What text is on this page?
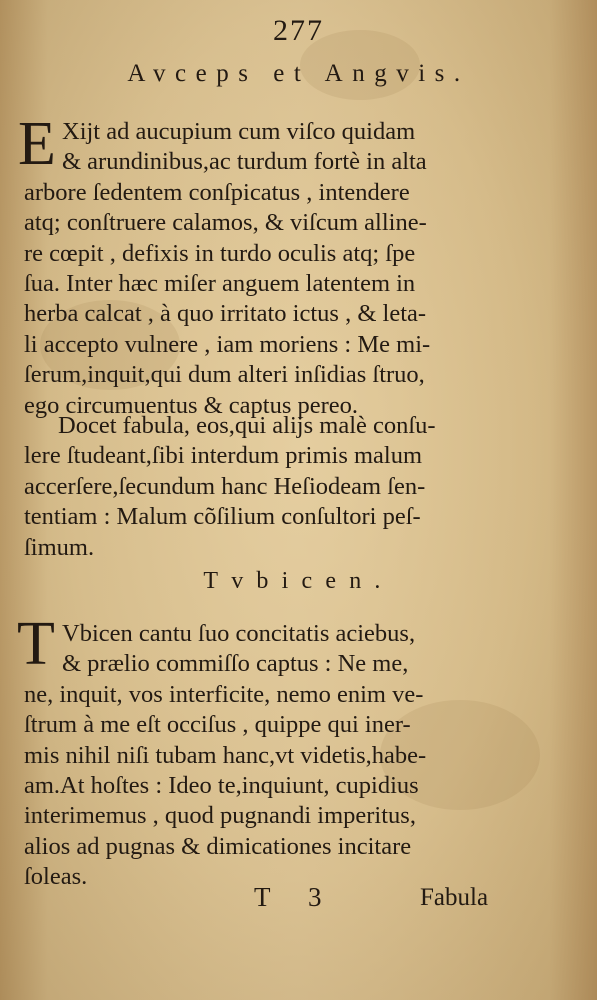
277
Avceps et Angvis.
E Xijt ad aucupium cum viſco quidam
& arundinibus,ac turdum fortè in alta
arbore ſedentem conſpicatus , intendere
atq; conſtruere calamos, & viſcum alline-
re cœpit , defixis in turdo oculis atq; ſpe
ſua. Inter hæc miſer anguem latentem in
herba calcat , à quo irritato ictus , & leta-
li accepto vulnere , iam moriens : Me mi-
ſerum,inquit,qui dum alteri inſidias ſtruo,
ego circumuentus & captus pereo.
Docet fabula, eos,qui alijs malè conſu-
lere ſtudeant,ſibi interdum primis malum
accerſere,ſecundum hanc Heſiodeam ſen-
tentiam : Malum cõſilium conſultori peſ-
ſimum.
Tvbicen.
T Vbicen cantu ſuo concitatis aciebus,
& prælio commiſſo captus : Ne me,
ne, inquit, vos interficite, nemo enim ve-
ſtrum à me eſt occiſus , quippe qui iner-
mis nihil niſi tubam hanc,vt videtis,habe-
am.At hoſtes : Ideo te,inquiunt, cupidius
interimemus , quod pugnandi imperitus,
alios ad pugnas & dimicationes incitare
ſoleas.
T 3	Fabula
